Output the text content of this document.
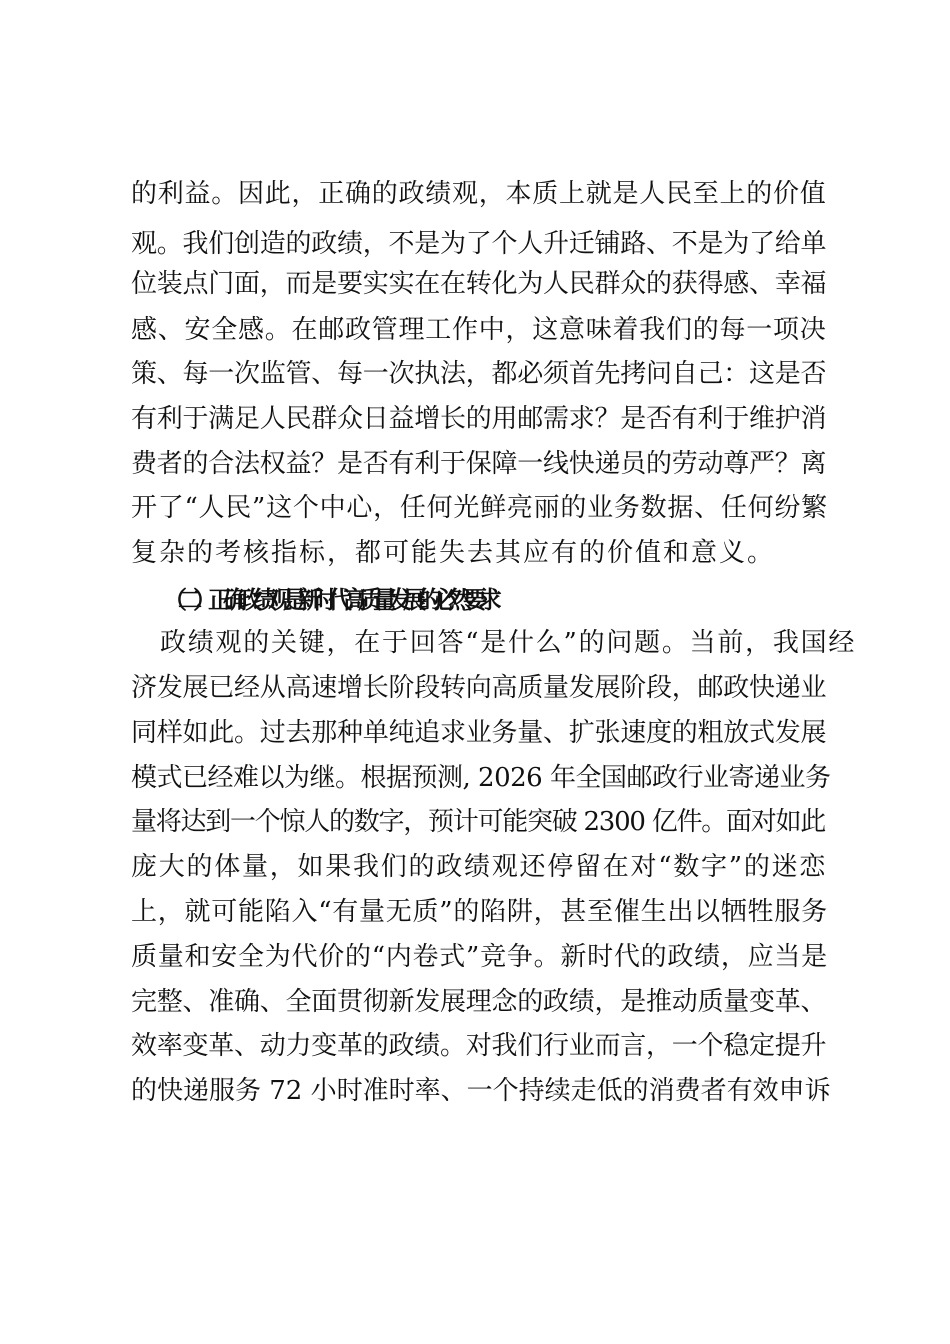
的利益。因此，正确的政绩观，本质上就是人民至上的价值
观。我们创造的政绩，不是为了个人升迁铺路、不是为了给单
位装点门面，而是要实实在在转化为人民群众的获得感、幸福
感、安全感。在邮政管理工作中，这意味着我们的每一项决
策、每一次监管、每一次执法，都必须首先拷问自己：这是否
有利于满足人民群众日益增长的用邮需求？是否有利于维护消
费者的合法权益？是否有利于保障一线快递员的劳动尊严？离
开了“人民”这个中心，任何光鲜亮丽的业务数据、任何纷繁
复杂的考核指标，都可能失去其应有的价值和意义。
（二）正确政绩观是新时代高质量发展的必然要求
政绩观的关键，在于回答“是什么”的问题。当前，我国经
济发展已经从高速增长阶段转向高质量发展阶段，邮政快递业
同样如此。过去那种单纯追求业务量、扩张速度的粗放式发展
模式已经难以为继。根据预测, 2026 年全国邮政行业寄递业务
量将达到一个惊人的数字，预计可能突破 2300 亿件。面对如此
庞大的体量，如果我们的政绩观还停留在对“数字”的迷恋
上，就可能陷入“有量无质”的陷阱，甚至催生出以牺牲服务
质量和安全为代价的“内卷式”竞争。新时代的政绩，应当是
完整、准确、全面贯彻新发展理念的政绩，是推动质量变革、
效率变革、动力变革的政绩。对我们行业而言，一个稳定提升
的快递服务 72 小时准时率、一个持续走低的消费者有效申诉
